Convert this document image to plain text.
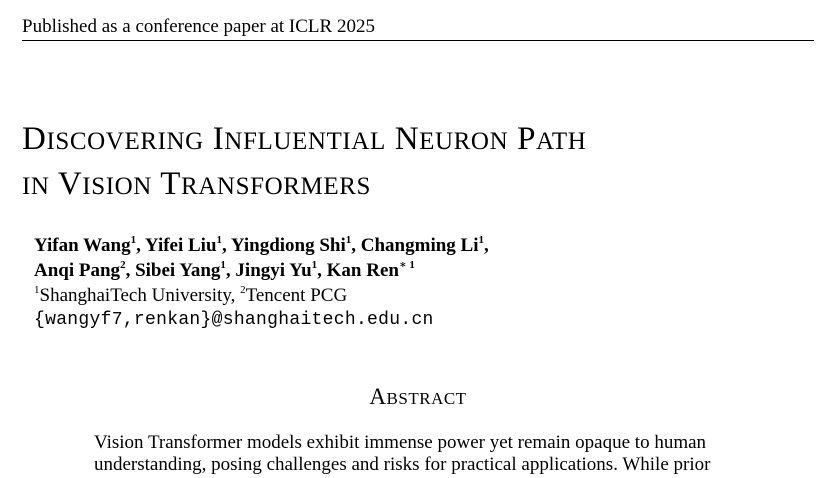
Published as a conference paper at ICLR 2025
DISCOVERING INFLUENTIAL NEURON PATH
IN VISION TRANSFORMERS
Yifan Wang$^1$, Yifei Liu$^1$, Yingdiong Shi$^1$, Changming Li$^1$,
Anqi Pang$^2$, Sibei Yang$^1$, Jingyi Yu$^1$, Kan Ren$^{∗ 1}$
$^1$ShanghaiTech University, $^2$Tencent PCG
{wangyf7,renkan}@shanghaitech.edu.cn
ABSTRACT
Vision Transformer models exhibit immense power yet remain opaque to human
understanding, posing challenges and risks for practical applications. While prior
